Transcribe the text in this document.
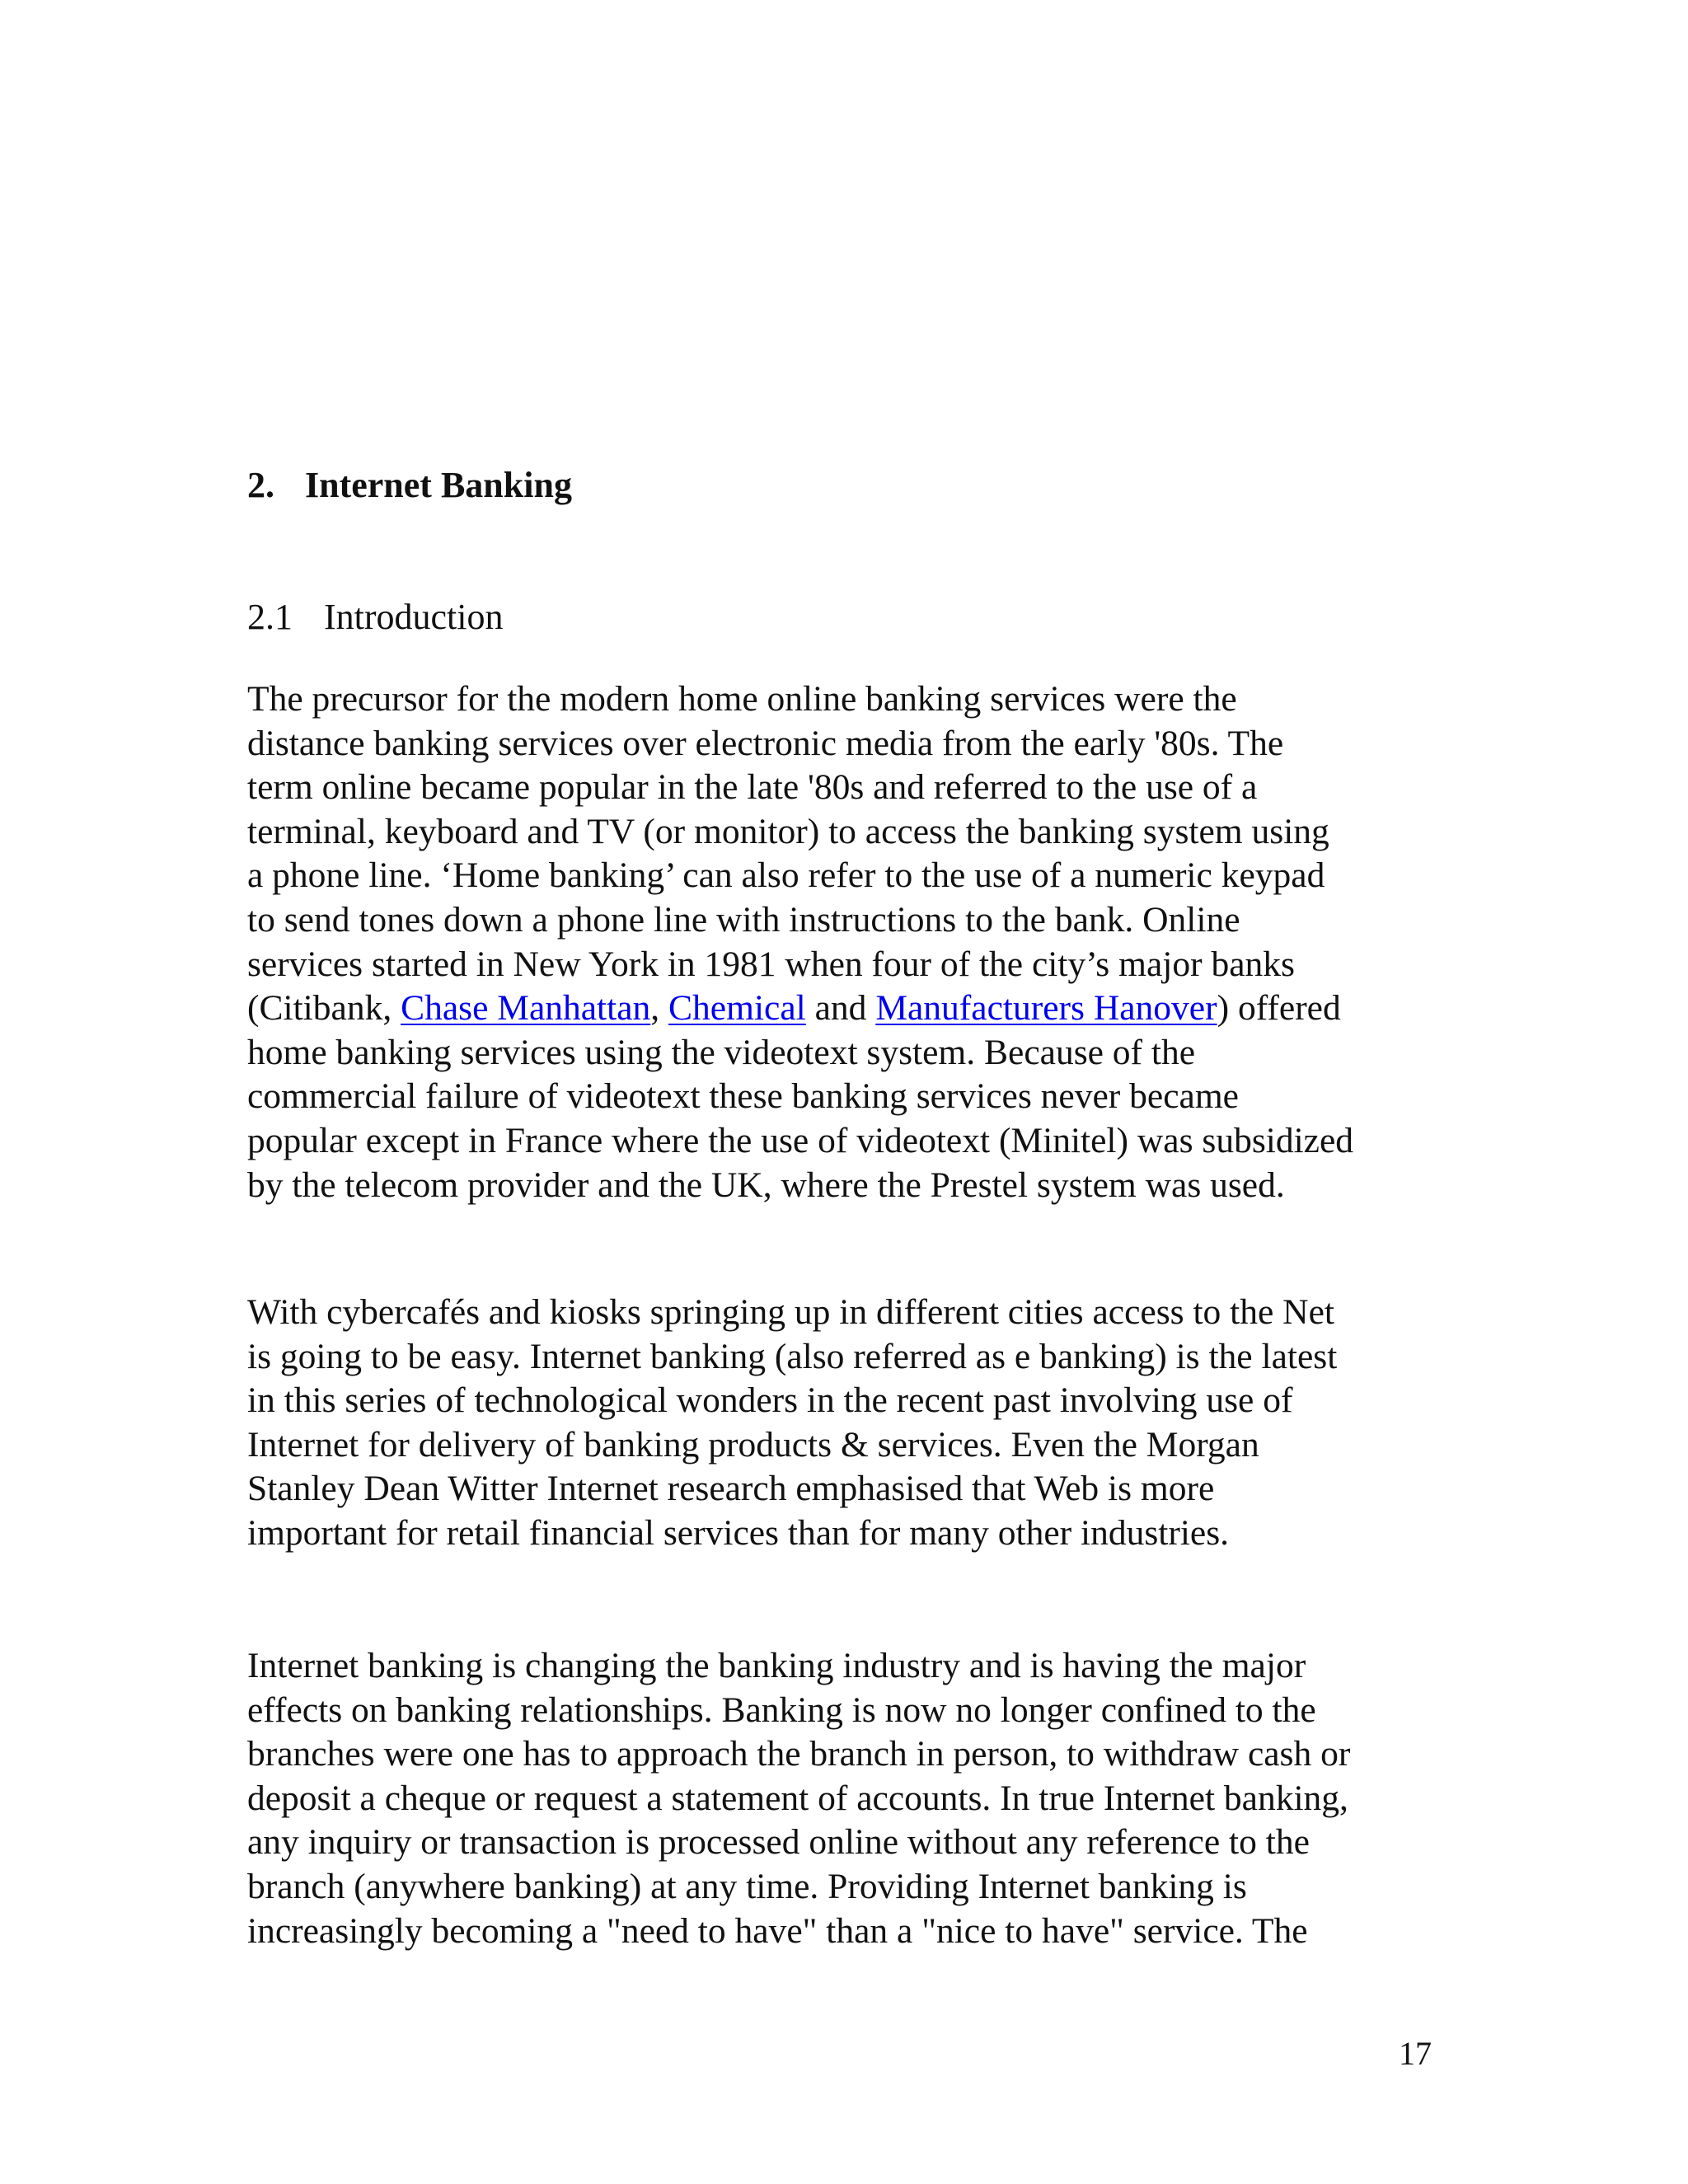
2. Internet Banking
2.1 Introduction

The precursor for the modern home online banking services were the
distance banking services over electronic media from the early '80s. The
term online became popular in the late '80s and referred to the use of a
terminal, keyboard and TV (or monitor) to access the banking system using
a phone line. ‘Home banking’ can also refer to the use of a numeric keypad
to send tones down a phone line with instructions to the bank. Online
services started in New York in 1981 when four of the city’s major banks
(Citibank, Chase Manhattan, Chemical and Manufacturers Hanover) offered
home banking services using the videotext system. Because of the
commercial failure of videotext these banking services never became
popular except in France where the use of videotext (Minitel) was subsidized
by the telecom provider and the UK, where the Prestel system was used.

With cybercafés and kiosks springing up in different cities access to the Net
is going to be easy. Internet banking (also referred as e banking) is the latest
in this series of technological wonders in the recent past involving use of
Internet for delivery of banking products & services. Even the Morgan
Stanley Dean Witter Internet research emphasised that Web is more
important for retail financial services than for many other industries.

Internet banking is changing the banking industry and is having the major
effects on banking relationships. Banking is now no longer confined to the
branches were one has to approach the branch in person, to withdraw cash or
deposit a cheque or request a statement of accounts. In true Internet banking,
any inquiry or transaction is processed online without any reference to the
branch (anywhere banking) at any time. Providing Internet banking is
increasingly becoming a "need to have" than a "nice to have" service. The

17
